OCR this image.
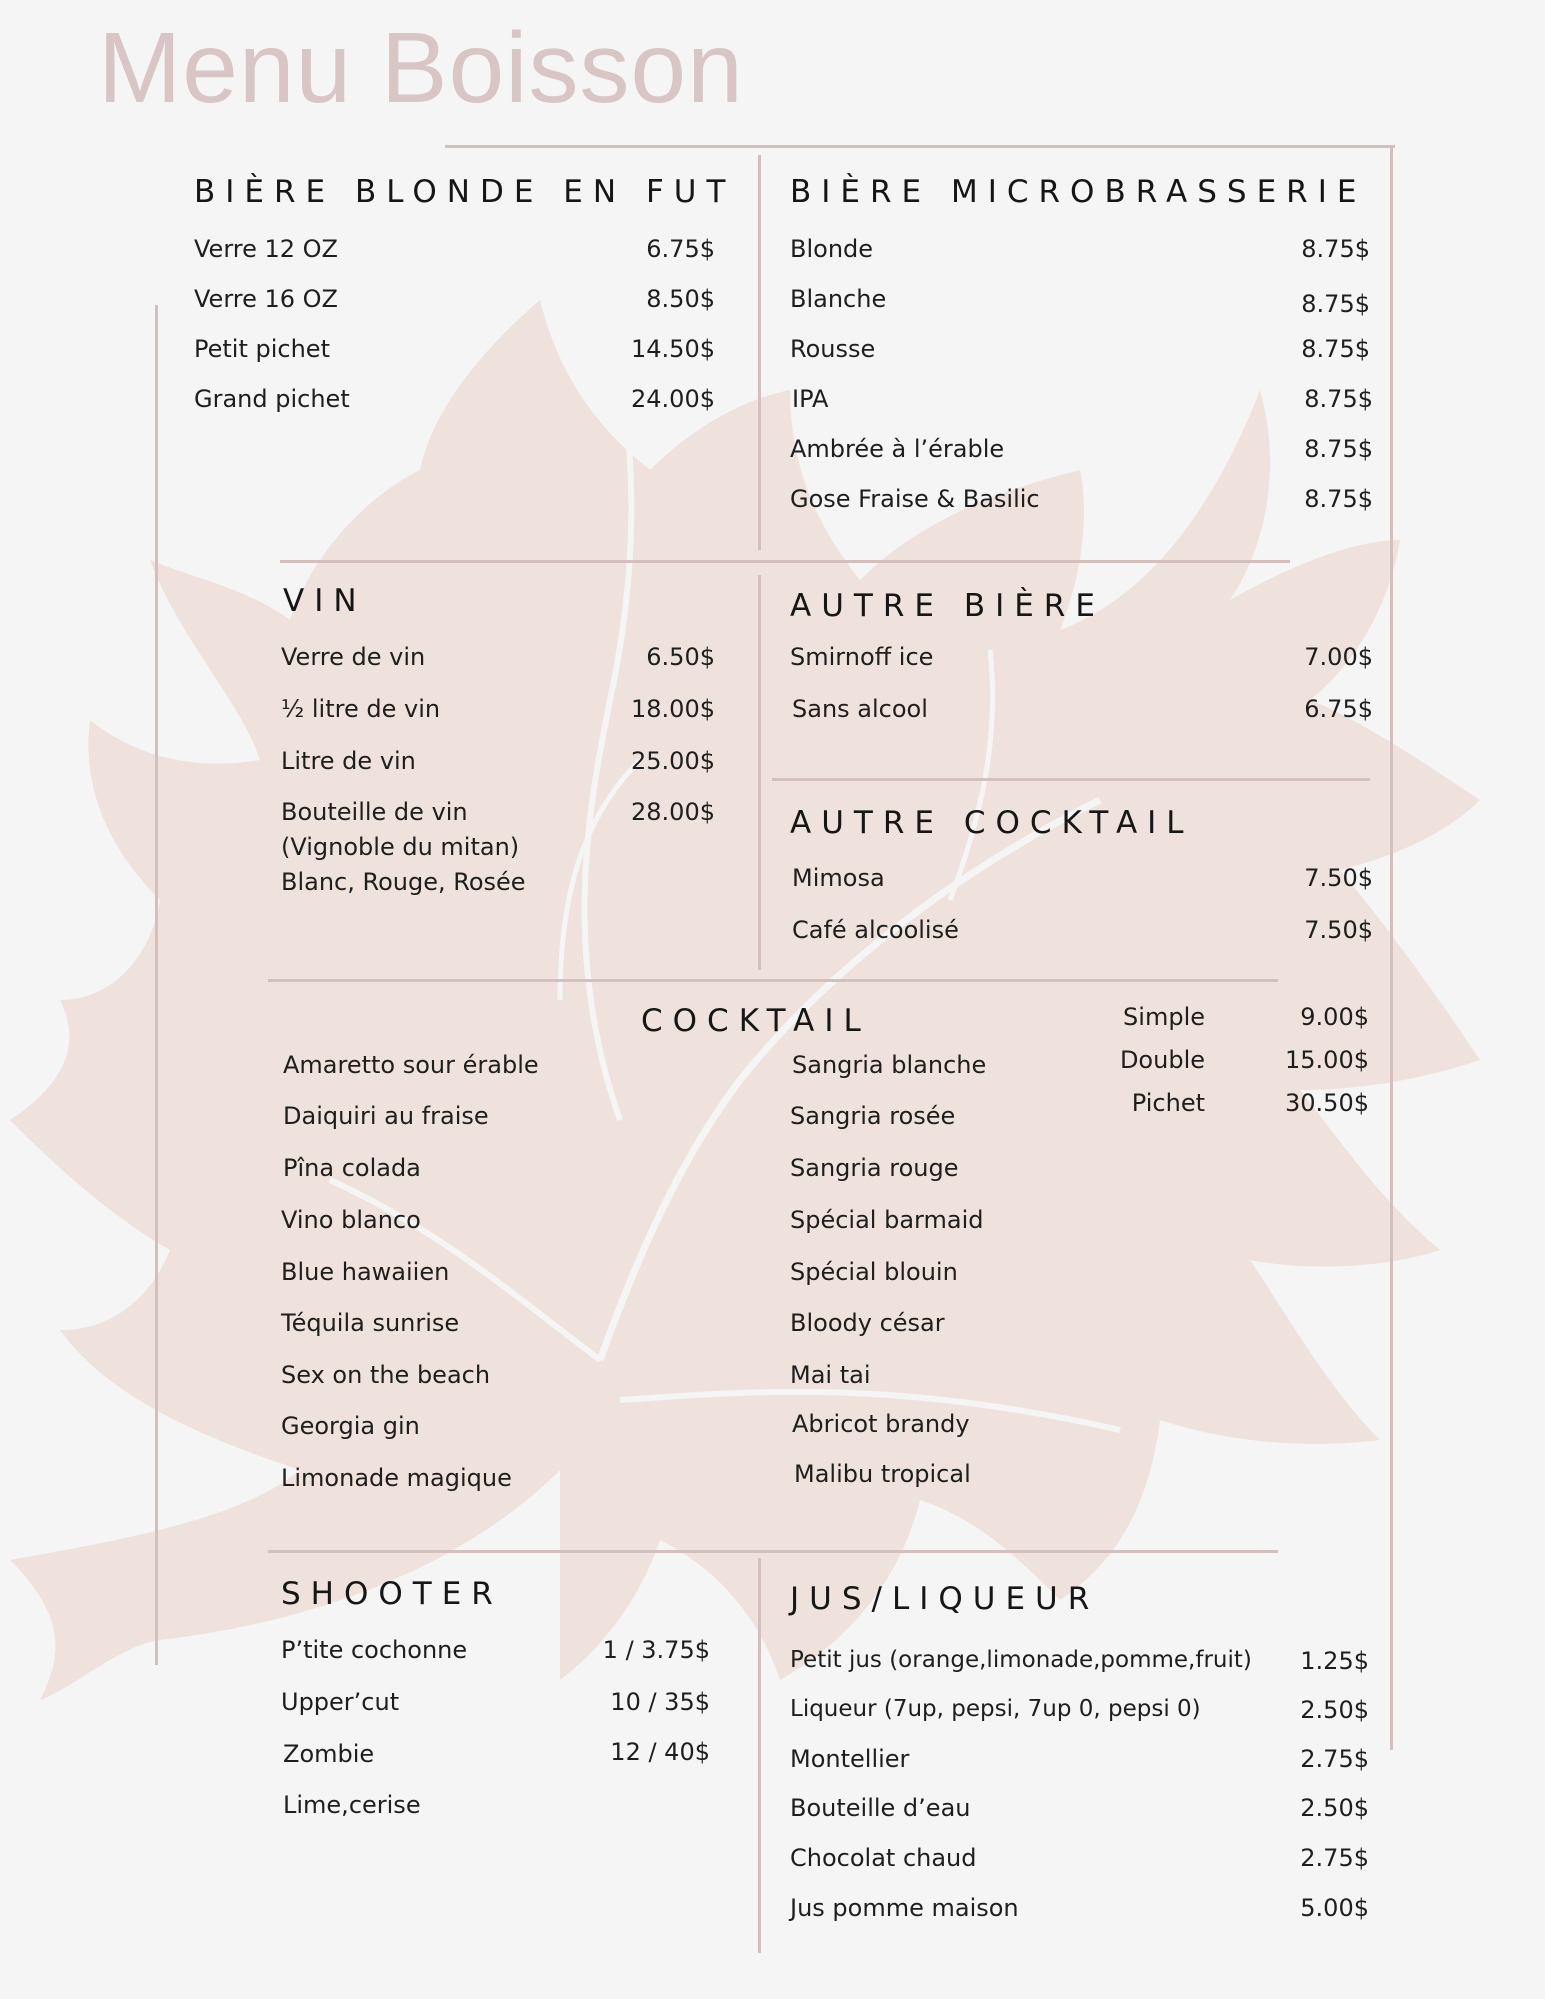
Menu Boisson
BIÈRE BLONDE EN FUT
Verre 12 OZ	6.75$
Verre 16 OZ	8.50$
Petit pichet	14.50$
Grand pichet	24.00$
BIÈRE MICROBRASSERIE
Blonde	8.75$
Blanche	8.75$
Rousse	8.75$
IPA	8.75$
Ambrée à l’érable	8.75$
Gose Fraise & Basilic	8.75$
VIN
Verre de vin	6.50$
½ litre de vin	18.00$
Litre de vin	25.00$
Bouteille de vin	28.00$
(Vignoble du mitan)
Blanc, Rouge, Rosée
AUTRE BIÈRE
Smirnoff ice	7.00$
Sans alcool	6.75$
AUTRE COCKTAIL
Mimosa	7.50$
Café alcoolisé	7.50$
COCKTAIL	Simple	9.00$
Double	15.00$
Pichet	30.50$
Amaretto sour érable
Daiquiri au fraise
Pîna colada
Vino blanco
Blue hawaiien
Téquila sunrise
Sex on the beach
Georgia gin
Limonade magique
Sangria blanche
Sangria rosée
Sangria rouge
Spécial barmaid
Spécial blouin
Bloody césar
Mai tai
Abricot brandy
Malibu tropical
SHOOTER
P’tite cochonne	1 / 3.75$
Upper’cut	10 / 35$
Zombie	12 / 40$
Lime,cerise
JUS/LIQUEUR
Petit jus (orange,limonade,pomme,fruit)	1.25$
Liqueur (7up, pepsi, 7up 0, pepsi 0)	2.50$
Montellier	2.75$
Bouteille d’eau	2.50$
Chocolat chaud	2.75$
Jus pomme maison	5.00$
